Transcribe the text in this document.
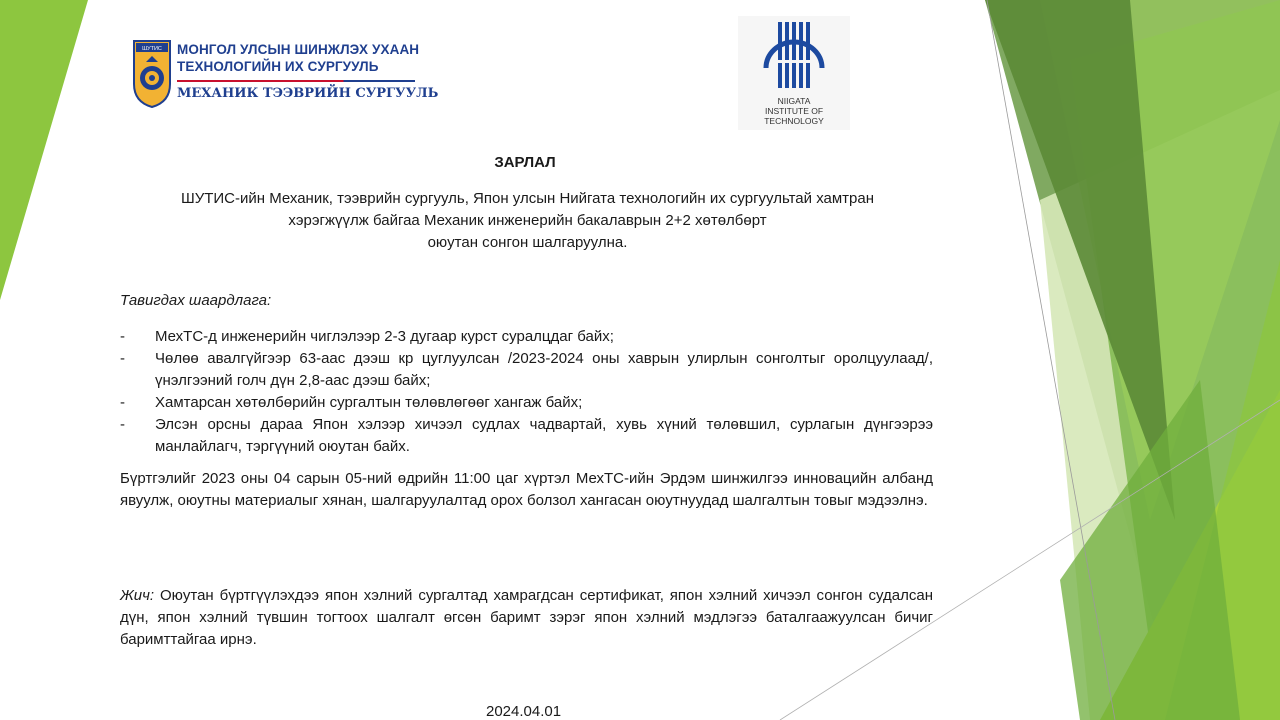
ШУТИС МОНГОЛ УЛСЫН ШИНЖЛЭХ УХААН
ТЕХНОЛОГИЙН ИХ СУРГУУЛЬ
МЕХАНИК ТЭЭВРИЙН СУРГУУЛЬ	NIIGATA
INSTITUTE OF
TECHNOLOGY
ЗАРЛАЛ
ШУТИС-ийн Механик, тээврийн сургууль, Япон улсын Нийгата технологийн их сургуультай хамтран
хэрэгжүүлж байгаа Механик инженерийн бакалаврын 2+2 хөтөлбөрт
оюутан сонгон шалгаруулна.
Тавигдах шаардлага:
- МехТС-д инженерийн чиглэлээр 2-3 дугаар курст суралцдаг байх;
- Чөлөө авалгүйгээр 63-аас дээш кр цуглуулсан /2023-2024 оны хаврын улирлын сонголтыг оролцуулаад/, үнэлгээний голч дүн 2,8-аас дээш байх;
- Хамтарсан хөтөлбөрийн сургалтын төлөвлөгөөг хангаж байх;
- Элсэн орсны дараа Япон хэлээр хичээл судлах чадвартай, хувь хүний төлөвшил, сурлагын дүнгээрээ манлайлагч, тэргүүний оюутан байх.
Бүртгэлийг 2023 оны 04 сарын 05-ний өдрийн 11:00 цаг хүртэл МехТС-ийн Эрдэм шинжилгээ инновацийн албанд явуулж, оюутны материалыг хянан, шалгаруулалтад орох болзол хангасан оюутнуудад шалгалтын товыг мэдээлнэ.
Жич: Оюутан бүртгүүлэхдээ япон хэлний сургалтад хамрагдсан сертификат, япон хэлний хичээл сонгон судалсан дүн, япон хэлний түвшин тогтоох шалгалт өгсөн баримт зэрэг япон хэлний мэдлэгээ баталгаажуулсан бичиг баримттайгаа ирнэ.
2024.04.01
